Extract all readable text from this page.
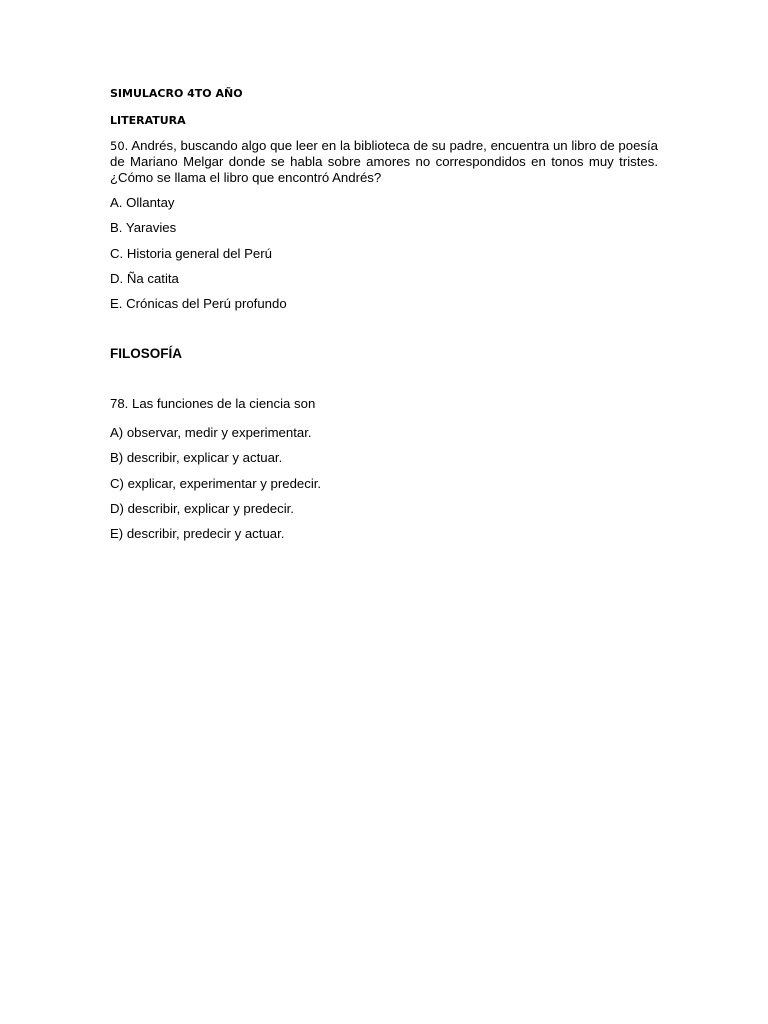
SIMULACRO 4TO AÑO

LITERATURA

50. Andrés, buscando algo que leer en la biblioteca de su padre, encuentra un libro de poesía de Mariano Melgar donde se habla sobre amores no correspondidos en tonos muy tristes. ¿Cómo se llama el libro que encontró Andrés?

A. Ollantay
B. Yaravies
C. Historia general del Perú
D. Ña catita
E. Crónicas del Perú profundo

FILOSOFÍA

78. Las funciones de la ciencia son

A) observar, medir y experimentar.
B) describir, explicar y actuar.
C) explicar, experimentar y predecir.
D) describir, explicar y predecir.
E) describir, predecir y actuar.
